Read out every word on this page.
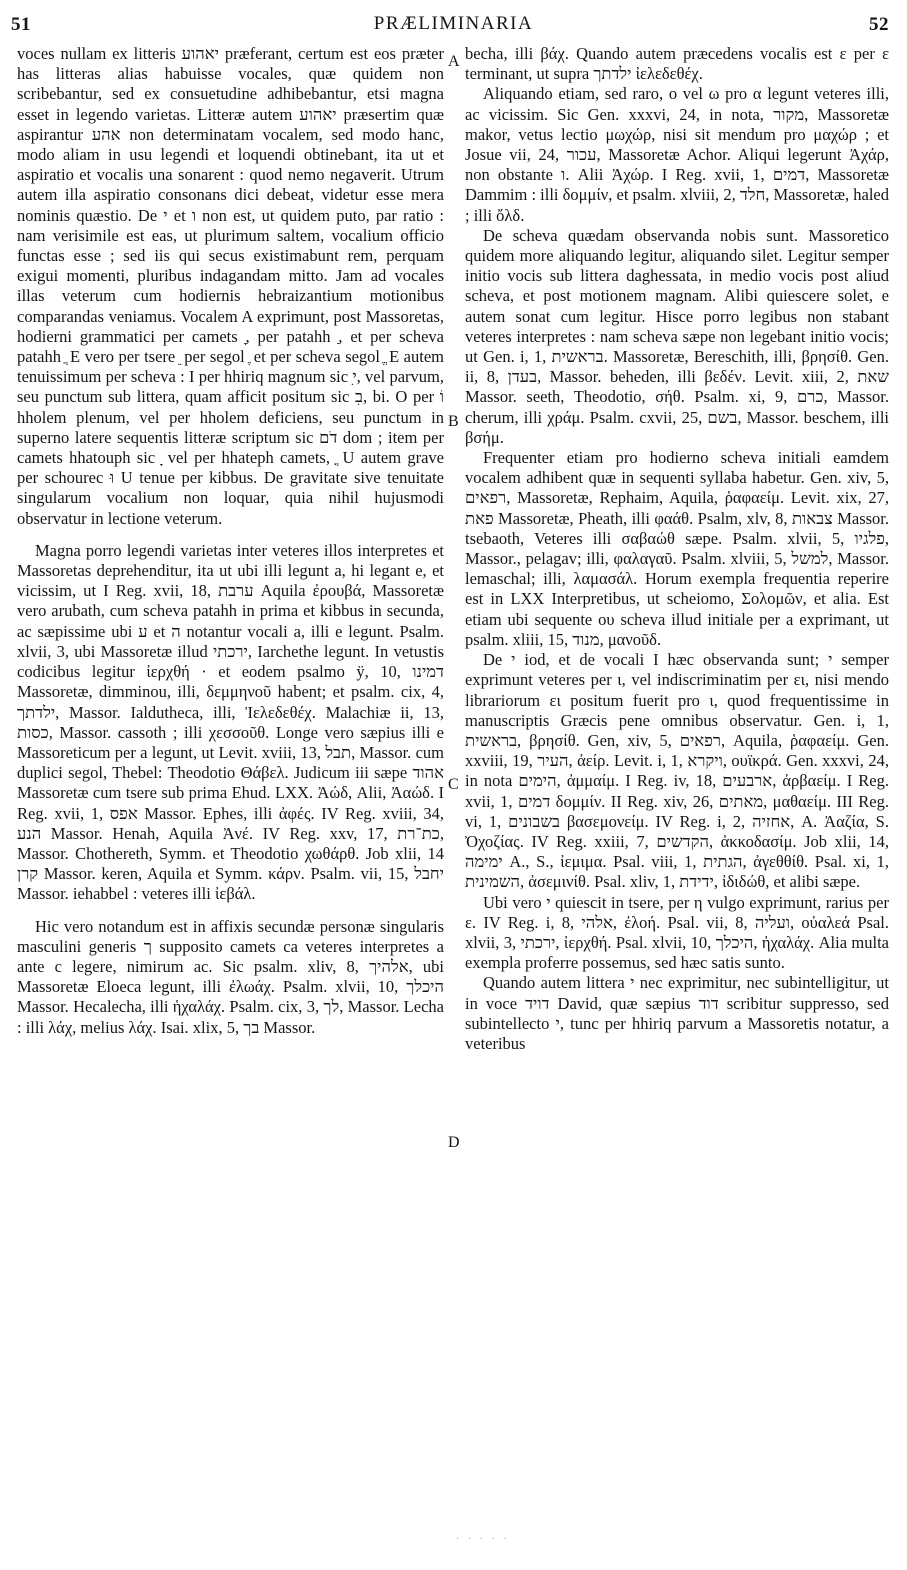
51	PRÆLIMINARIA	52

voces nullam ex litteris יאהוע præferant, certum est eos præter has litteras alias habuisse vocales, quæ quidem non scribebantur, sed ex consuetudine adhibebantur, etsi magna esset in legendo varietas. Litteræ autem יאהוע præsertim quæ aspirantur אהע non determinatam vocalem, sed modo hanc, modo aliam in usu legendi et loquendi obtinebant, ita ut et aspiratio et vocalis una sonarent : quod nemo negaverit. Utrum autem illa aspiratio consonans dici debeat, videtur esse mera nominis quæstio. De י et ו non est, ut quidem puto, par ratio : nam verisimile est eas, ut plurimum saltem, vocalium officio functas esse ; sed iis qui secus existimabunt rem, perquam exigui momenti, pluribus indagandam mitto. Jam ad vocales illas veterum cum hodiernis hebraizantium motionibus comparandas veniamus. Vocalem A exprimunt, post Massoretas, hodierni grammatici per camets ָ, per patahh ַ, et per scheva patahh ֲ E vero per tsere ֵ per segol ֶ et per scheva segol ֱ E autem tenuissimum per scheva : I per hhiriq magnum sic ִי, vel parvum, seu punctum sub littera, quam afficit positum sic בִ, bi. O per וֹ hholem plenum, vel per hholem deficiens, seu punctum in superno latere sequentis litteræ scriptum sic דֹם dom ; item per camets hhatouph sic ָ vel per hhateph camets, ֳ U autem grave per schourec וּ U tenue per kibbus. De gravitate sive tenuitate singularum vocalium non loquar, quia nihil hujusmodi observatur in lectione veterum.

Magna porro legendi varietas inter veteres illos interpretes et Massoretas deprehenditur, ita ut ubi illi legunt a, hi legant e, et vicissim, ut I Reg. xvii, 18, ערבת Aquila ἐρουβά, Massoretæ vero arubath, cum scheva patahh in prima et kibbus in secunda, ac sæpissime ubi ע et ה notantur vocali a, illi e legunt. Psalm. xlvii, 3, ubi Massoretæ illud ירכתי, Iarchethe legunt. In vetustis codicibus legitur ἰερχθή · et eodem psalmo ÿ, 10, דמינו Massoretæ, dimminou, illi, δεμμηνοῦ habent; et psalm. cix, 4, ילדתך, Massor. Ialdutheca, illi, Ἰελεδεθέχ. Malachiæ ii, 13, כסות, Massor. cassoth ; illi χεσσοῦθ. Longe vero sæpius illi e Massoreticum per a legunt, ut Levit. xviii, 13, תבל, Massor. cum duplici segol, Thebel: Theodotio Θάβελ. Judicum iii sæpe אהוד Massoretæ cum tsere sub prima Ehud. LXX. Ἀώδ, Alii, Ἀαώδ. I Reg. xvii, 1, אפס Massor. Ephes, illi ἀφές. IV Reg. xviii, 34, הנע Massor. Henah, Aquila Ἀνέ. IV Reg. xxv, 17, כת־רת, Massor. Chothereth, Symm. et Theodotio χωθάρθ. Job xlii, 14 קרן Massor. keren, Aquila et Symm. κάρν. Psalm. vii, 15, יחבל Massor. iehabbel : veteres illi ἰεβάλ.

Hic vero notandum est in affixis secundæ personæ singularis masculini generis ך supposito camets ca veteres interpretes a ante c legere, nimirum ac. Sic psalm. xliv, 8, אלהיך, ubi Massoretæ Eloeca legunt, illi ἐλωάχ. Psalm. xlvii, 10, היכלך Massor. Hecalecha, illi ἡχαλάχ. Psalm. cix, 3, לך, Massor. Lecha : illi λάχ, melius λάχ. Isai. xlix, 5, בך Massor.

A
B
C
D

becha, illi βάχ. Quando autem præcedens vocalis est ε per ε terminant, ut supra ילדתך ἰελεδεθέχ.

Aliquando etiam, sed raro, o vel ω pro α legunt veteres illi, ac vicissim. Sic Gen. xxxvi, 24, in nota, מקור, Massoretæ makor, vetus lectio μωχώρ, nisi sit mendum pro μαχώρ ; et Josue vii, 24, עכור, Massoretæ Achor. Aliqui legerunt Ἀχάρ, non obstante ו. Alii Ἀχώρ. I Reg. xvii, 1, דמים, Massoretæ Dammim : illi δομμίν, et psalm. xlviii, 2, חלד, Massoretæ, haled ; illi ὄλδ.

De scheva quædam observanda nobis sunt. Massoretico quidem more aliquando legitur, aliquando silet. Legitur semper initio vocis sub littera daghessata, in medio vocis post aliud scheva, et post motionem magnam. Alibi quiescere solet, e autem sonat cum legitur. Hisce porro legibus non stabant veteres interpretes : nam scheva sæpe non legebant initio vocis; ut Gen. i, 1, בראשית. Massoretæ, Bereschith, illi, βρησίθ. Gen. ii, 8, בעדן, Massor. beheden, illi βεδέν. Levit. xiii, 2, שאת Massor. seeth, Theodotio, σήθ. Psalm. xi, 9, כרם, Massor. cherum, illi χράμ. Psalm. cxvii, 25, בשם, Massor. beschem, illi βσήμ.

Frequenter etiam pro hodierno scheva initiali eamdem vocalem adhibent quæ in sequenti syllaba habetur. Gen. xiv, 5, רפאים, Massoretæ, Rephaim, Aquila, ῥαφαείμ. Levit. xix, 27, פאת Massoretæ, Pheath, illi φαάθ. Psalm, xlv, 8, צבאות Massor. tsebaoth, Veteres illi σαβαώθ sæpe. Psalm. xlvii, 5, פלגיו, Massor., pelagav; illi, φαλαγαῦ. Psalm. xlviii, 5, למשל, Massor. lemaschal; illi, λαμασάλ. Horum exempla frequentia reperire est in LXX Interpretibus, ut scheiomo, Σολομῶν, et alia. Est etiam ubi sequente ου scheva illud initiale per a exprimant, ut psalm. xliii, 15, מנוד, μανοῦδ.

De י iod, et de vocali I hæc observanda sunt; י semper exprimunt veteres per ι, vel indiscriminatim per ει, nisi mendo librariorum ει positum fuerit pro ι, quod frequentissime in manuscriptis Græcis pene omnibus observatur. Gen. i, 1, בראשית, βρησίθ. Gen, xiv, 5, רפאים, Aquila, ῥαφαείμ. Gen. xxviii, 19, העיר, ἀείρ. Levit. i, 1, ויקרא, ουϊκρά. Gen. xxxvi, 24, in nota הימים, ἀμμαίμ. I Reg. iv, 18, ארבעים, ἀρβαείμ. I Reg. xvii, 1, דמים δομμίν. II Reg. xiv, 26, מאתים, μαθαείμ. III Reg. vi, 1, בשבונים βασεμονείμ. IV Reg. i, 2, אחזיה, A. Ἀαζία, S. Ὀχοζίας. IV Reg. xxiii, 7, הקדשים, ἀκκοδασίμ. Job xlii, 14, ימימה A., S., ἰεμιμα. Psal. viii, 1, הגתית, ἀγεθθίθ. Psal. xi, 1, השמינית, ἀσεμινίθ. Psal. xliv, 1, ידידת, ἰδιδώθ, et alibi sæpe.

Ubi vero י quiescit in tsere, per η vulgo exprimunt, rarius per ε. IV Reg. i, 8, אלהי, ἐλοή. Psal. vii, 8, ועליה, οὐαλεά Psal. xlvii, 3, ירכתי, ἰερχθή. Psal. xlvii, 10, היכלך, ἠχαλάχ. Alia multa exempla proferre possemus, sed hæc satis sunto.

Quando autem littera י nec exprimitur, nec subintelligitur, ut in voce דויד David, quæ sæpius דוד scribitur suppresso, sed subintellecto י, tunc per hhiriq parvum a Massoretis notatur, a veteribus

· · · · ·
